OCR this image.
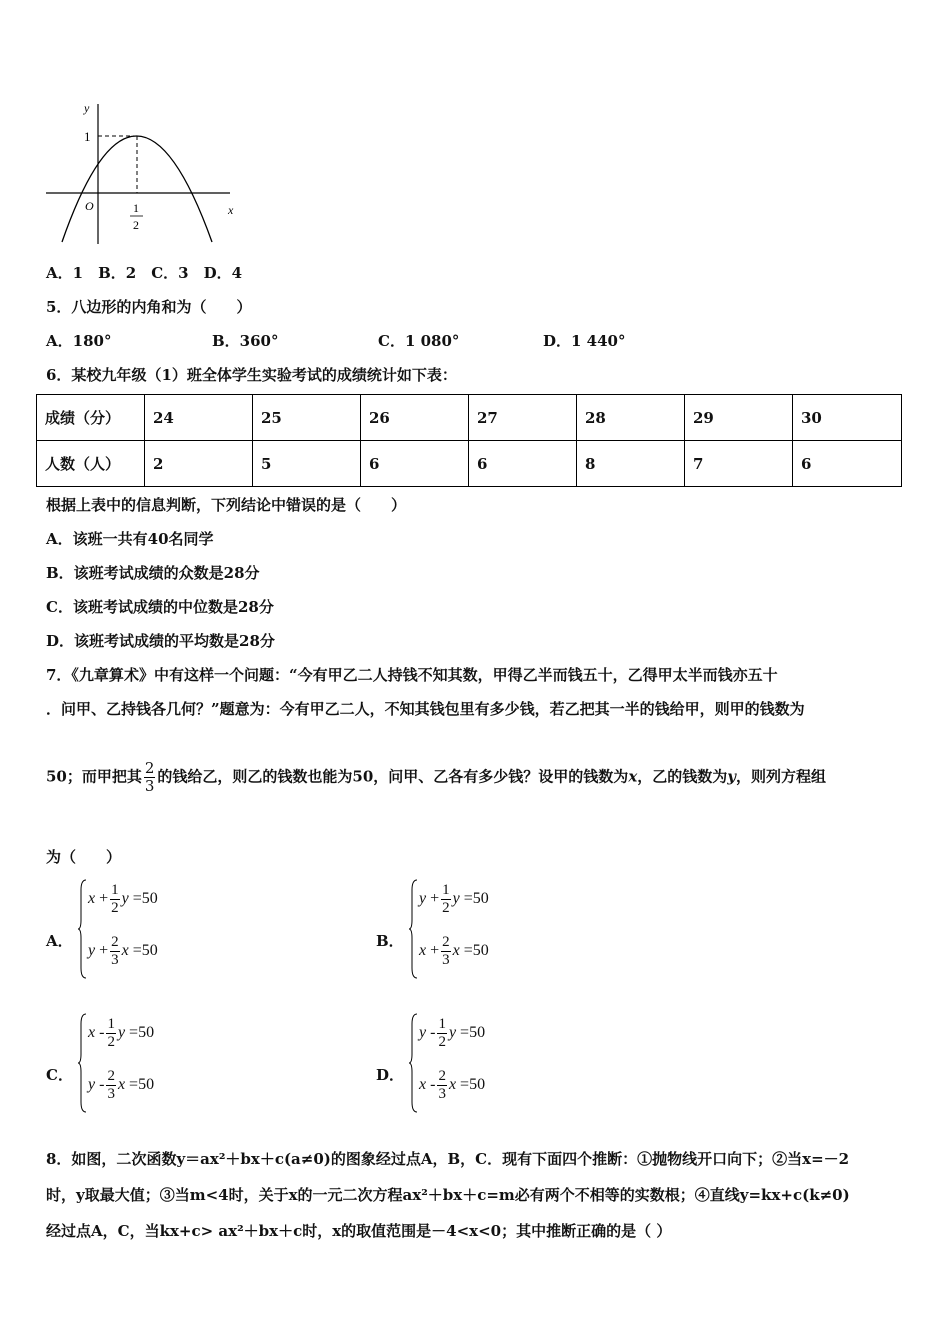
y
x
O
1
1
2
A．1　B．2　C．3　D．4
5．八边形的内角和为（　　）
A．180°	B．360°	C．1 080°	D．1 440°
6．某校九年级（1）班全体学生实验考试的成绩统计如下表：
成绩（分）	24	25	26	27	28	29	30
人数（人）	2	5	6	6	8	7	6
根据上表中的信息判断，下列结论中错误的是（　　）
A．该班一共有40名同学
B．该班考试成绩的众数是28分
C．该班考试成绩的中位数是28分
D．该班考试成绩的平均数是28分
7．《九章算术》中有这样一个问题：“今有甲乙二人持钱不知其数，甲得乙半而钱五十，乙得甲太半而钱亦五十
．问甲、乙持钱各几何？”题意为：今有甲乙二人，不知其钱包里有多少钱，若乙把其一半的钱给甲，则甲的钱数为
50；而甲把其 $\frac{2}{3}$ 的钱给乙，则乙的钱数也能为50，问甲、乙各有多少钱？设甲的钱数为x，乙的钱数为y，则列方程组
为（　　）
A．	B．
C．	D．
$x + \frac{1}{2}$ y =50
$y + \frac{2}{3}$ x =50
$y + \frac{1}{2}$ y =50
$x + \frac{2}{3}$ x =50
x - $\frac{1}{2}$ y =50
y - $\frac{2}{3}$ x =50
y - $\frac{1}{2}$ y =50
x - $\frac{2}{3}$ x =50
8．如图，二次函数y＝ax²＋bx＋c(a≠0)的图象经过点A，B，C．现有下面四个推断：①抛物线开口向下；②当x=－2
时，y取最大值；③当m<4时，关于x的一元二次方程ax²＋bx＋c=m必有两个不相等的实数根；④直线y=kx+c(k≠0)
经过点A，C，当kx+c> ax²＋bx＋c时，x的取值范围是－4<x<0；其中推断正确的是（ ）
